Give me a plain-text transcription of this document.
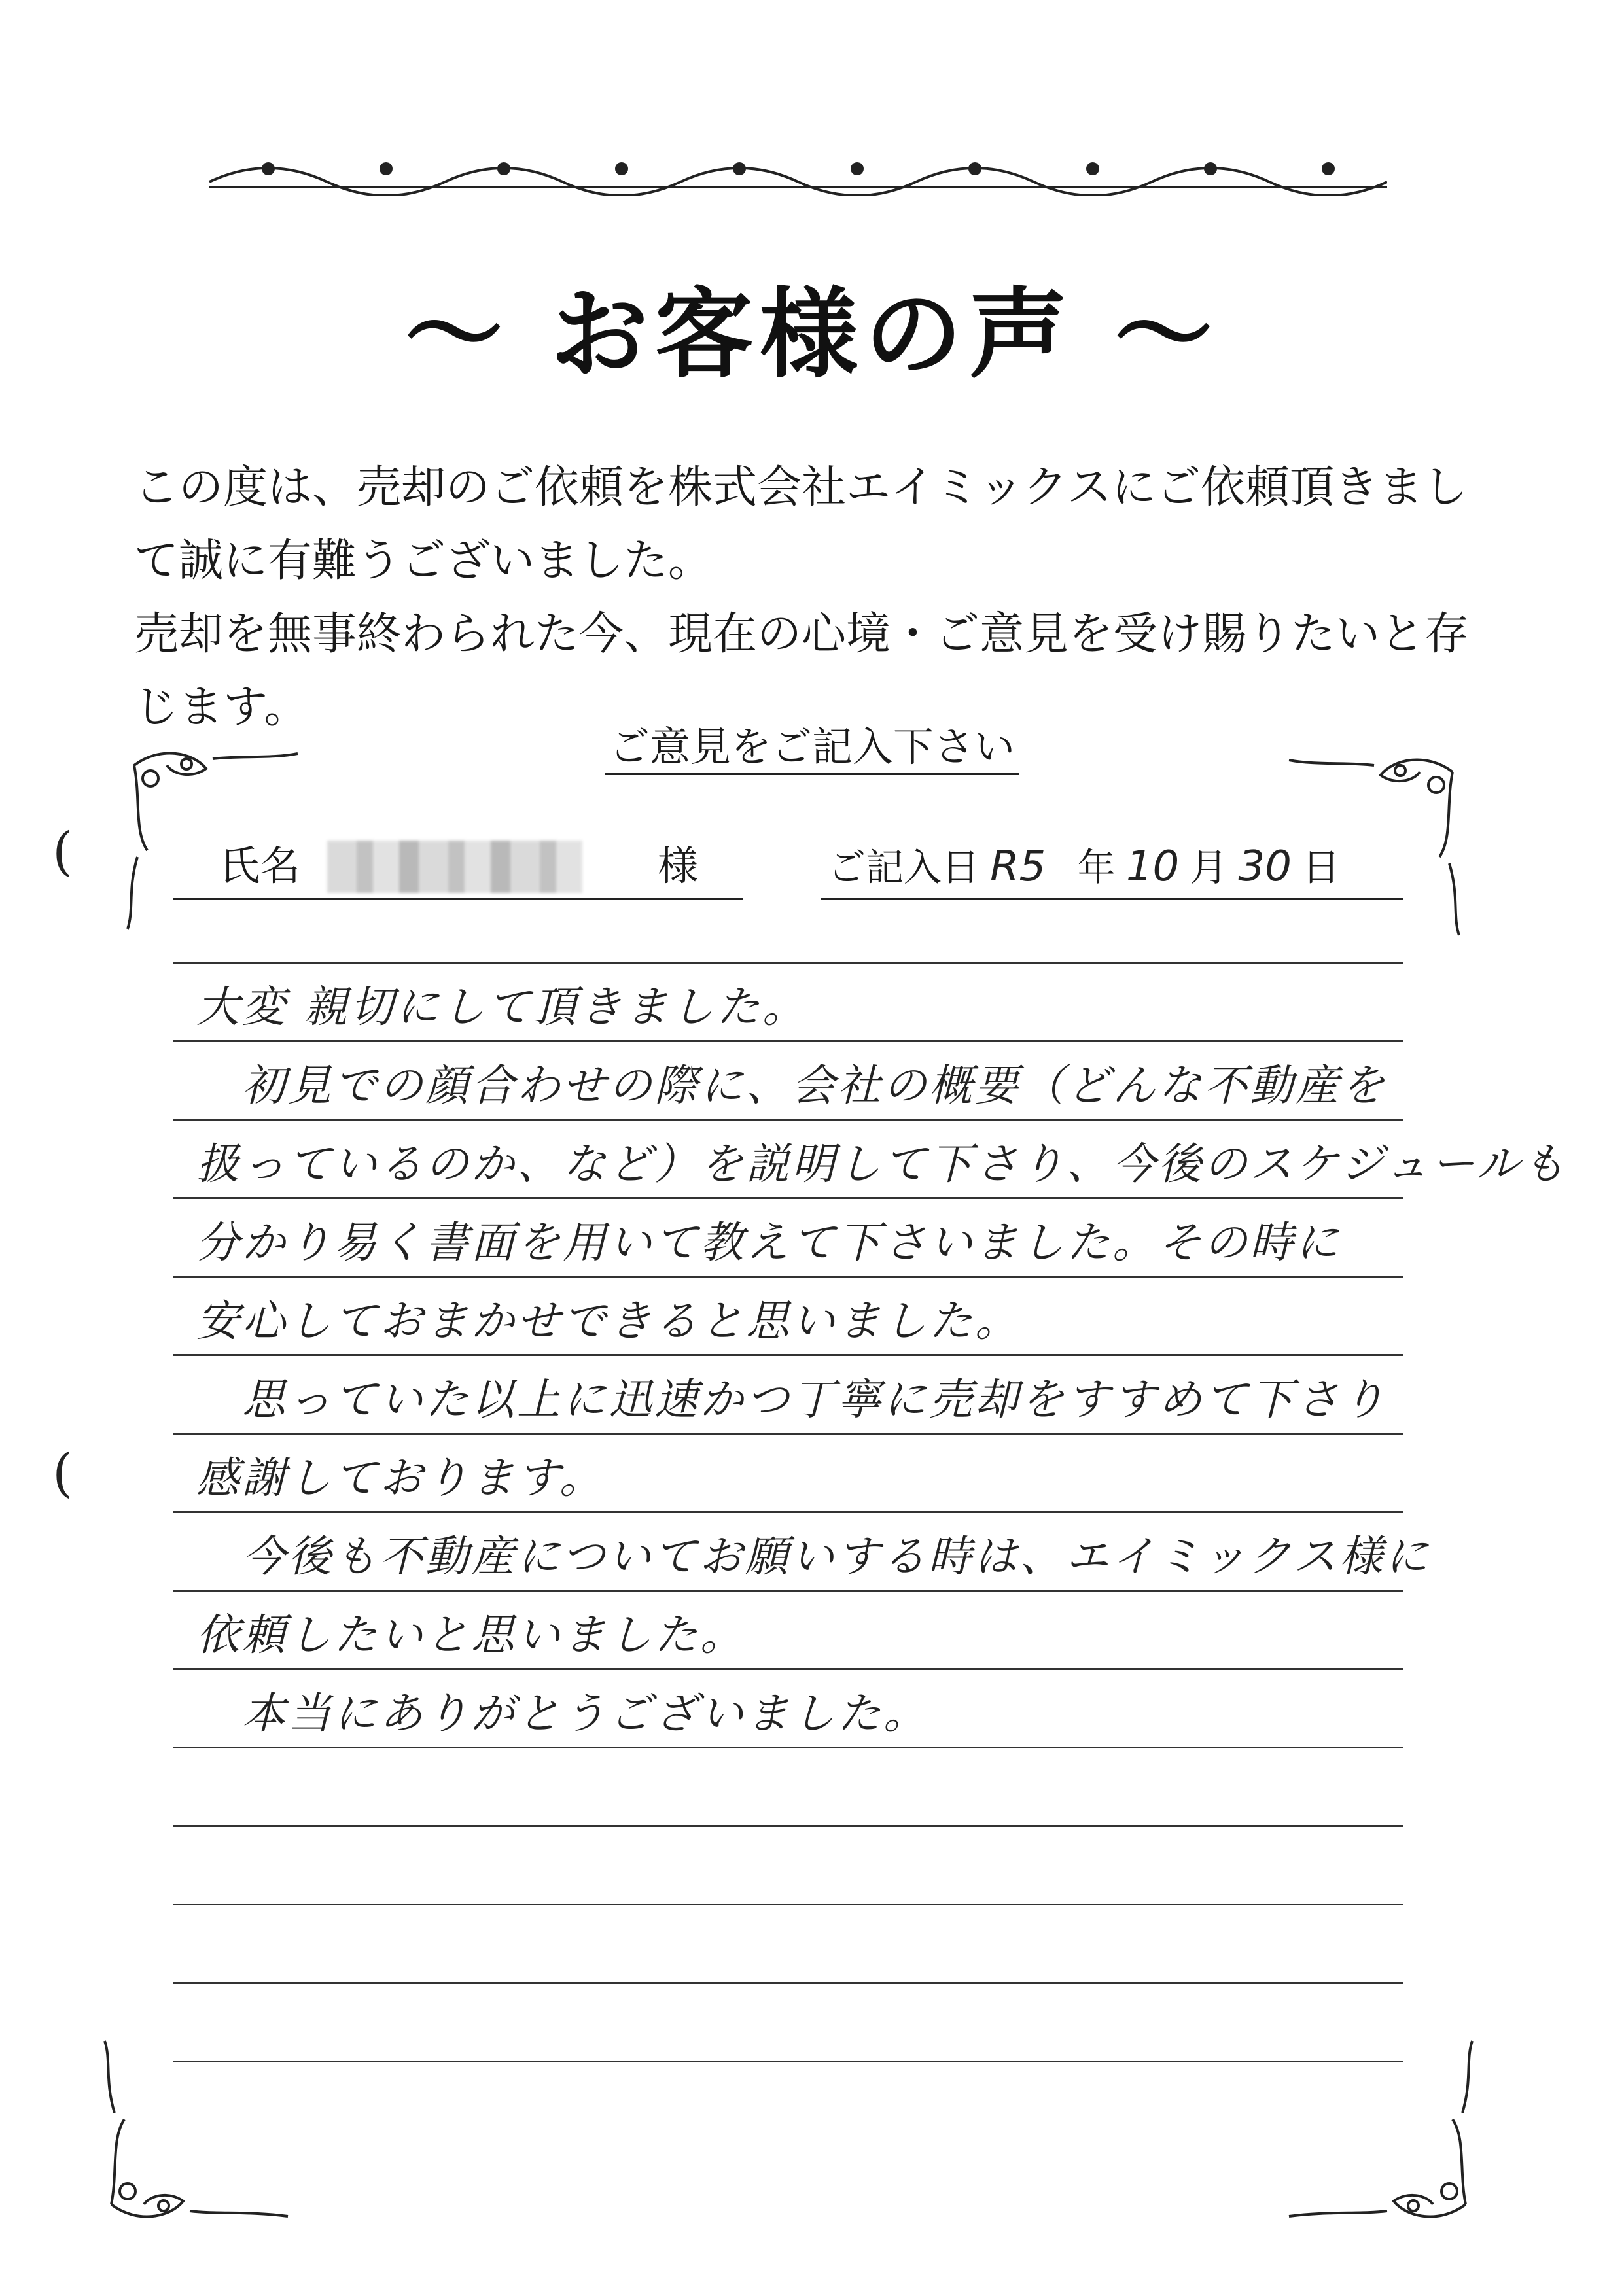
～ お客様の声 ～

この度は、売却のご依頼を株式会社エイミックスにご依頼頂きまし

て誠に有難うございました。

売却を無事終わられた今、現在の心境・ご意見を受け賜りたいと存

じます。

ご意見をご記入下さい
(
(
氏名	様	ご記入日 R5 年 10 月 30 日
大変 親切にして頂きました。
　初見での顔合わせの際に、会社の概要（どんな不動産を
扱っているのか、など）を説明して下さり、今後のスケジュールも
分かり易く書面を用いて教えて下さいました。その時に
安心しておまかせできると思いました。
　思っていた以上に迅速かつ丁寧に売却をすすめて下さり
感謝しております。
　今後も不動産についてお願いする時は、エイミックス様に
依頼したいと思いました。
　本当にありがとうございました。
